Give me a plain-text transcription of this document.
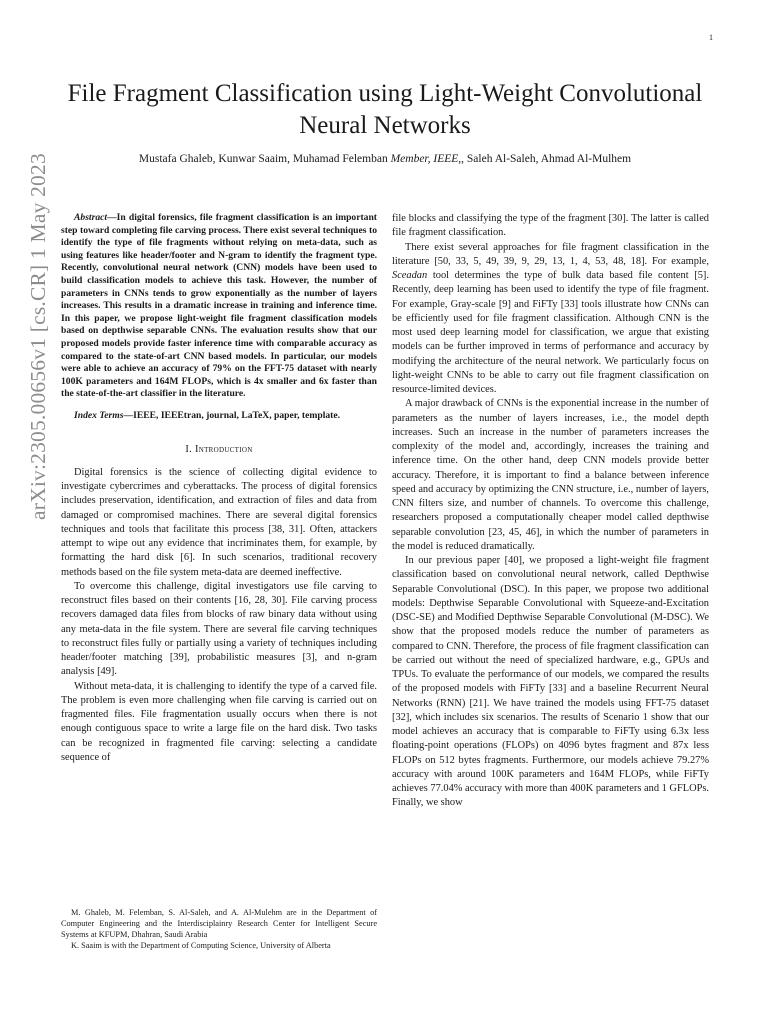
1
arXiv:2305.00656v1 [cs.CR] 1 May 2023
File Fragment Classification using Light-Weight Convolutional Neural Networks
Mustafa Ghaleb, Kunwar Saaim, Muhamad Felemban Member, IEEE,, Saleh Al-Saleh, Ahmad Al-Mulhem

Abstract—In digital forensics, file fragment classification is an important step toward completing file carving process. There exist several techniques to identify the type of file fragments without relying on meta-data, such as using features like header/footer and N-gram to identify the fragment type. Recently, convolutional neural network (CNN) models have been used to build classification models to achieve this task. However, the number of parameters in CNNs tends to grow exponentially as the number of layers increases. This results in a dramatic increase in training and inference time. In this paper, we propose light-weight file fragment classification models based on depthwise separable CNNs. The evaluation results show that our proposed models provide faster inference time with comparable accuracy as compared to the state-of-art CNN based models. In particular, our models were able to achieve an accuracy of 79% on the FFT-75 dataset with nearly 100K parameters and 164M FLOPs, which is 4x smaller and 6x faster than the state-of-the-art classifier in the literature.

Index Terms—IEEE, IEEEtran, journal, LaTeX, paper, template.

I. Introduction

Digital forensics is the science of collecting digital evidence to investigate cybercrimes and cyberattacks. The process of digital forensics includes preservation, identification, and extraction of files and data from damaged or compromised machines. There are several digital forensics techniques and tools that facilitate this process [38, 31]. Often, attackers attempt to wipe out any evidence that incriminates them, for example, by formatting the hard disk [6]. In such scenarios, traditional recovery methods based on the file system meta-data are deemed ineffective.

To overcome this challenge, digital investigators use file carving to reconstruct files based on their contents [16, 28, 30]. File carving process recovers damaged data files from blocks of raw binary data without using any meta-data in the file system. There are several file carving techniques to reconstruct files fully or partially using a variety of techniques including header/footer matching [39], probabilistic measures [3], and n-gram analysis [49].

Without meta-data, it is challenging to identify the type of a carved file. The problem is even more challenging when file carving is carried out on fragmented files. File fragmentation usually occurs when there is not enough contiguous space to write a large file on the hard disk. Two tasks can be recognized in fragmented file carving: selecting a candidate sequence of

M. Ghaleb, M. Felemban, S. Al-Saleh, and A. Al-Mulehm are in the Department of Computer Engineering and the Interdisciplainry Research Center for Intelligent Secure Systems at KFUPM, Dhahran, Saudi Arabia

K. Saaim is with the Department of Computing Science, University of Alberta

file blocks and classifying the type of the fragment [30]. The latter is called file fragment classification.

There exist several approaches for file fragment classification in the literature [50, 33, 5, 49, 39, 9, 29, 13, 1, 4, 53, 48, 18]. For example, Sceadan tool determines the type of bulk data based file content [5]. Recently, deep learning has been used to identify the type of file fragment. For example, Gray-scale [9] and FiFTy [33] tools illustrate how CNNs can be efficiently used for file fragment classification. Although CNN is the most used deep learning model for classification, we argue that existing models can be further improved in terms of performance and accuracy by modifying the architecture of the neural network. We particularly focus on light-weight CNNs to be able to carry out file fragment classification on resource-limited devices.

A major drawback of CNNs is the exponential increase in the number of parameters as the number of layers increases, i.e., the model depth increases. Such an increase in the number of parameters increases the complexity of the model and, accordingly, increases the training and inference time. On the other hand, deep CNN models provide better accuracy. Therefore, it is important to find a balance between inference speed and accuracy by optimizing the CNN structure, i.e., number of layers, CNN filters size, and number of channels. To overcome this challenge, researchers proposed a computationally cheaper model called depthwise separable convolution [23, 45, 46], in which the number of parameters in the model is reduced dramatically.

In our previous paper [40], we proposed a light-weight file fragment classification based on convolutional neural network, called Depthwise Separable Convolutional (DSC). In this paper, we propose two additional models: Depthwise Separable Convolutional with Squeeze-and-Excitation (DSC-SE) and Modified Depthwise Separable Convolutional (M-DSC). We show that the proposed models reduce the number of parameters as compared to CNN. Therefore, the process of file fragment classification can be carried out without the need of specialized hardware, e.g., GPUs and TPUs. To evaluate the performance of our models, we compared the results of the proposed models with FiFTy [33] and a baseline Recurrent Neural Networks (RNN) [21]. We have trained the models using FFT-75 dataset [32], which includes six scenarios. The results of Scenario 1 show that our model achieves an accuracy that is comparable to FiFTy using 6.3x less floating-point operations (FLOPs) on 4096 bytes fragment and 87x less FLOPs on 512 bytes fragments. Furthermore, our models achieve 79.27% accuracy with around 100K parameters and 164M FLOPs, while FiFTy achieves 77.04% accuracy with more than 400K parameters and 1 GFLOPs. Finally, we show
